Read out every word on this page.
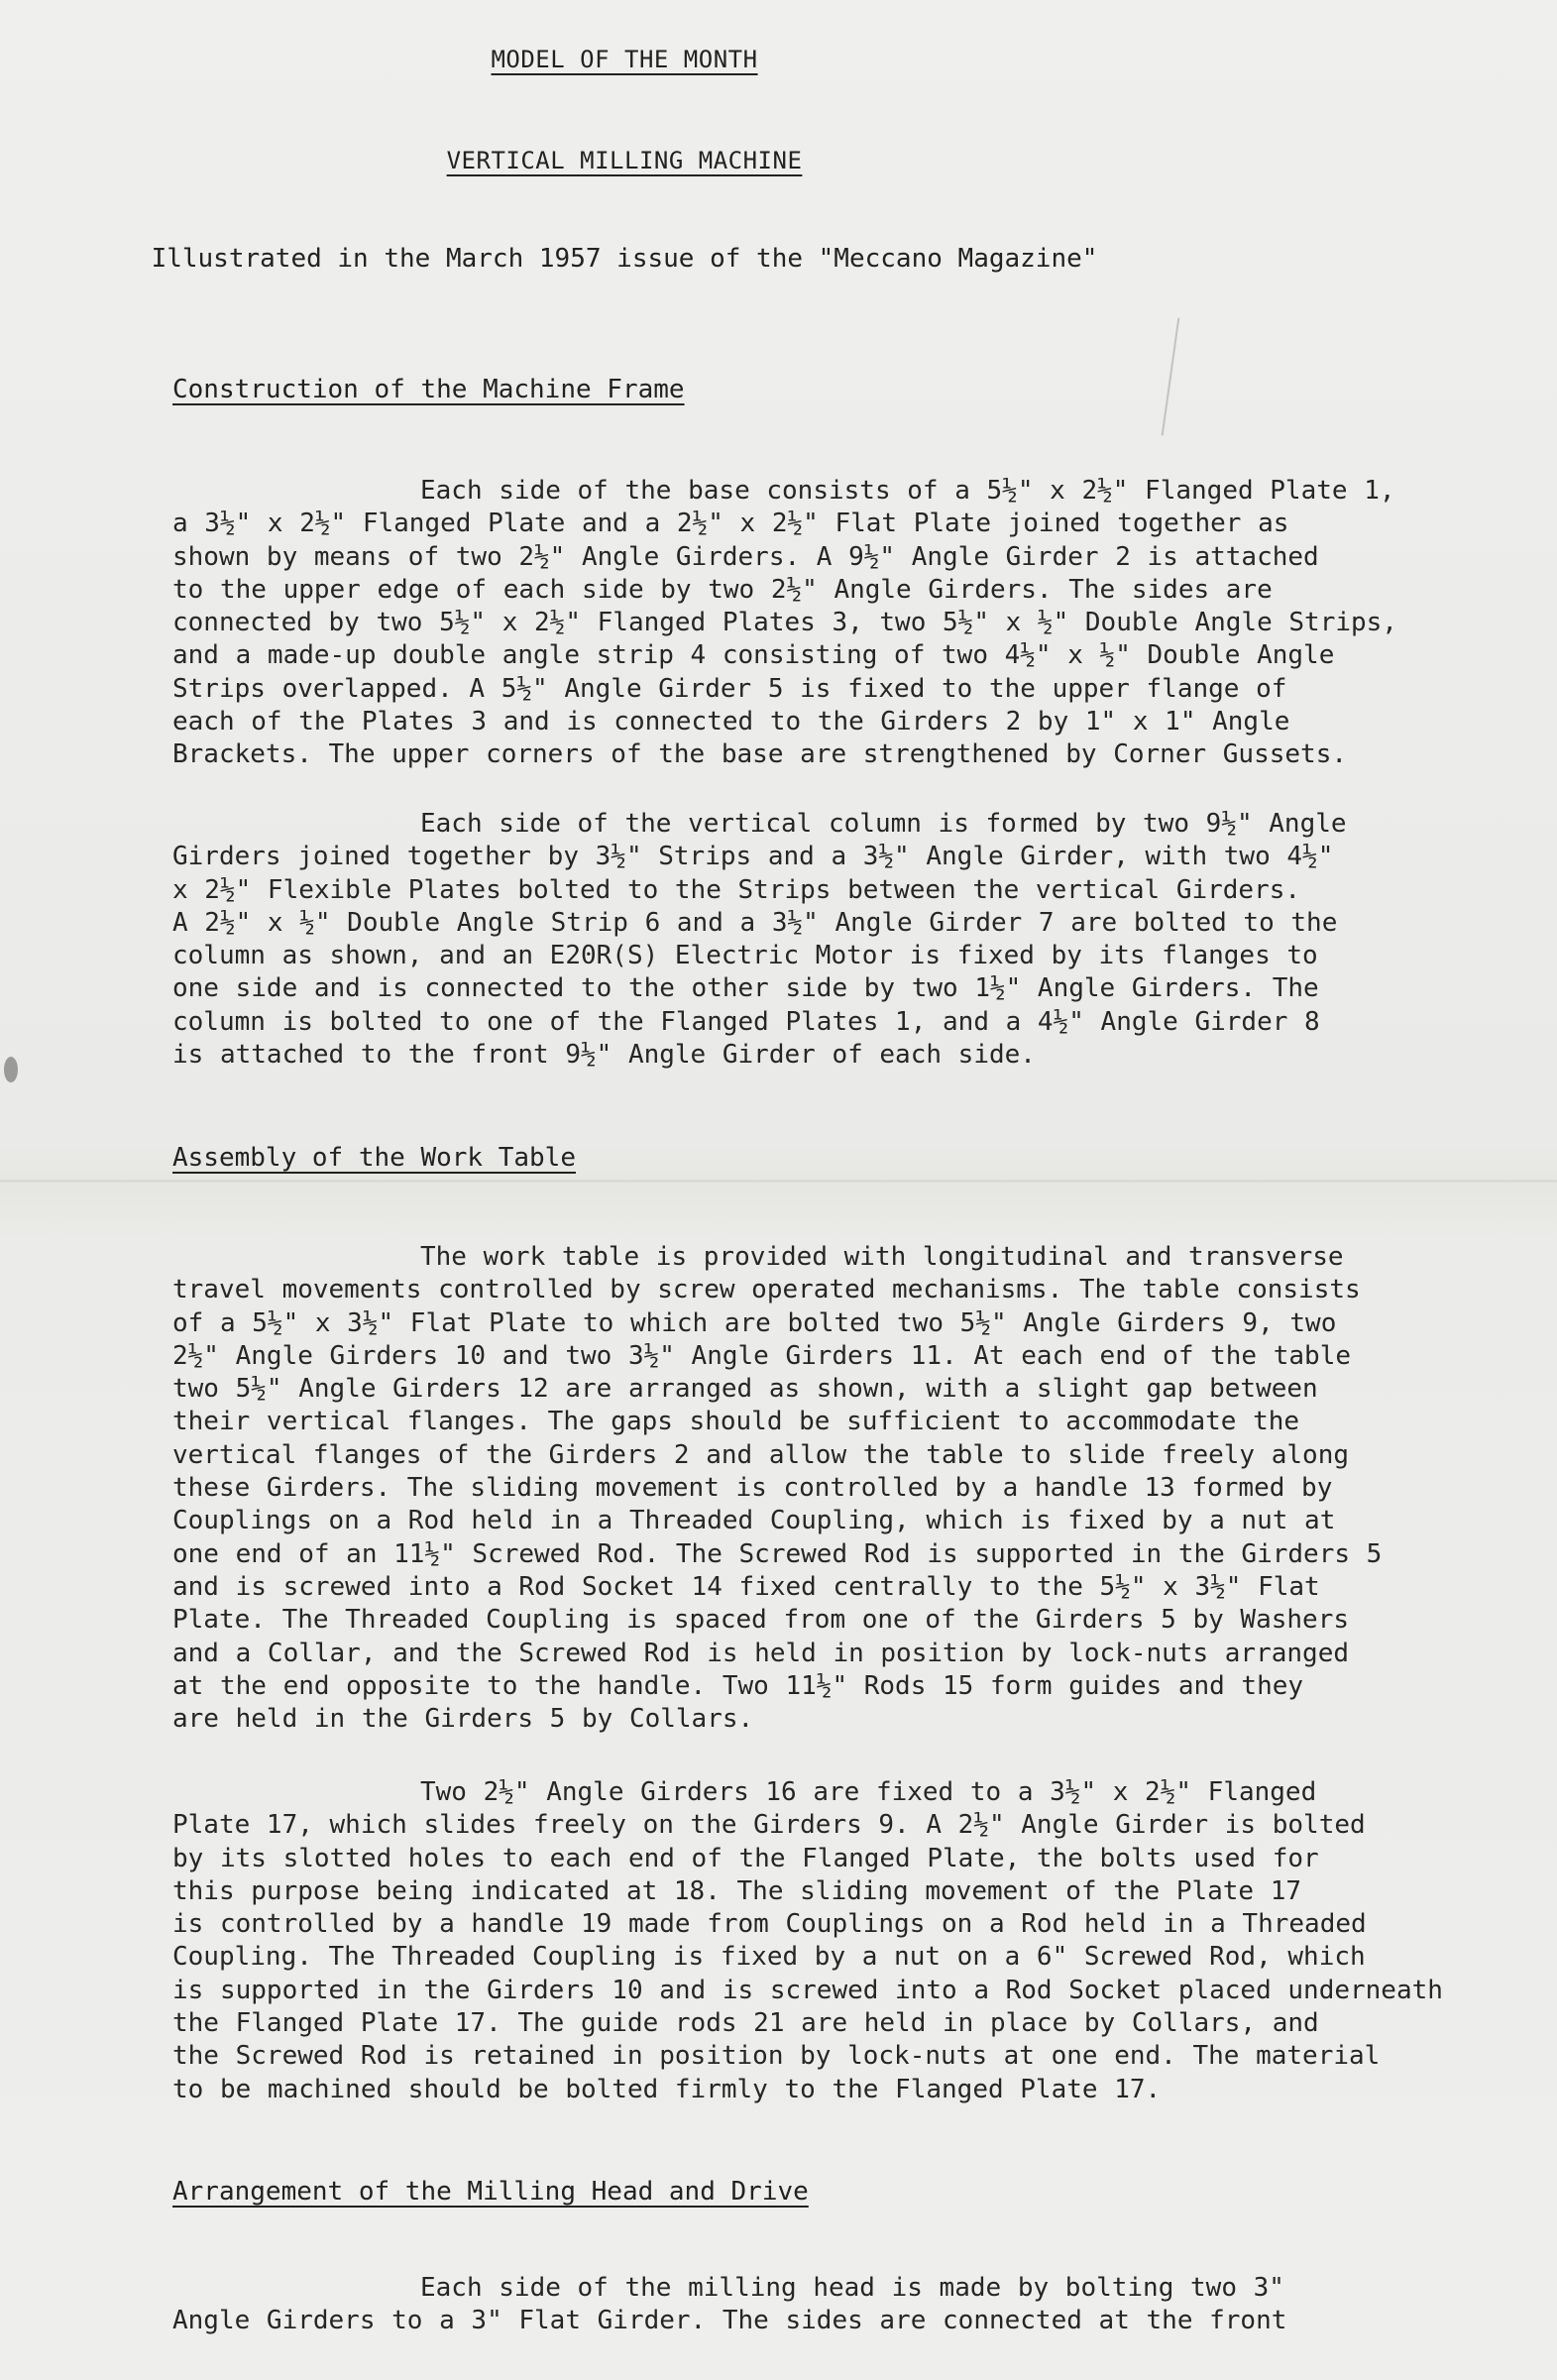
MODEL OF THE MONTH
VERTICAL MILLING MACHINE

Illustrated in the March 1957 issue of the "Meccano Magazine"

Construction of the Machine Frame

Each side of the base consists of a 5½" x 2½" Flanged Plate 1,
a 3½" x 2½" Flanged Plate and a 2½" x 2½" Flat Plate joined together as
shown by means of two 2½" Angle Girders. A 9½" Angle Girder 2 is attached
to the upper edge of each side by two 2½" Angle Girders. The sides are
connected by two 5½" x 2½" Flanged Plates 3, two 5½" x ½" Double Angle Strips,
and a made-up double angle strip 4 consisting of two 4½" x ½" Double Angle
Strips overlapped. A 5½" Angle Girder 5 is fixed to the upper flange of
each of the Plates 3 and is connected to the Girders 2 by 1" x 1" Angle
Brackets. The upper corners of the base are strengthened by Corner Gussets.

Each side of the vertical column is formed by two 9½" Angle
Girders joined together by 3½" Strips and a 3½" Angle Girder, with two 4½"
x 2½" Flexible Plates bolted to the Strips between the vertical Girders.
A 2½" x ½" Double Angle Strip 6 and a 3½" Angle Girder 7 are bolted to the
column as shown, and an E20R(S) Electric Motor is fixed by its flanges to
one side and is connected to the other side by two 1½" Angle Girders. The
column is bolted to one of the Flanged Plates 1, and a 4½" Angle Girder 8
is attached to the front 9½" Angle Girder of each side.

Assembly of the Work Table

The work table is provided with longitudinal and transverse
travel movements controlled by screw operated mechanisms. The table consists
of a 5½" x 3½" Flat Plate to which are bolted two 5½" Angle Girders 9, two
2½" Angle Girders 10 and two 3½" Angle Girders 11. At each end of the table
two 5½" Angle Girders 12 are arranged as shown, with a slight gap between
their vertical flanges. The gaps should be sufficient to accommodate the
vertical flanges of the Girders 2 and allow the table to slide freely along
these Girders. The sliding movement is controlled by a handle 13 formed by
Couplings on a Rod held in a Threaded Coupling, which is fixed by a nut at
one end of an 11½" Screwed Rod. The Screwed Rod is supported in the Girders 5
and is screwed into a Rod Socket 14 fixed centrally to the 5½" x 3½" Flat
Plate. The Threaded Coupling is spaced from one of the Girders 5 by Washers
and a Collar, and the Screwed Rod is held in position by lock-nuts arranged
at the end opposite to the handle. Two 11½" Rods 15 form guides and they
are held in the Girders 5 by Collars.

Two 2½" Angle Girders 16 are fixed to a 3½" x 2½" Flanged
Plate 17, which slides freely on the Girders 9. A 2½" Angle Girder is bolted
by its slotted holes to each end of the Flanged Plate, the bolts used for
this purpose being indicated at 18. The sliding movement of the Plate 17
is controlled by a handle 19 made from Couplings on a Rod held in a Threaded
Coupling. The Threaded Coupling is fixed by a nut on a 6" Screwed Rod, which
is supported in the Girders 10 and is screwed into a Rod Socket placed underneath
the Flanged Plate 17. The guide rods 21 are held in place by Collars, and
the Screwed Rod is retained in position by lock-nuts at one end. The material
to be machined should be bolted firmly to the Flanged Plate 17.

Arrangement of the Milling Head and Drive

Each side of the milling head is made by bolting two 3"
Angle Girders to a 3" Flat Girder. The sides are connected at the front
